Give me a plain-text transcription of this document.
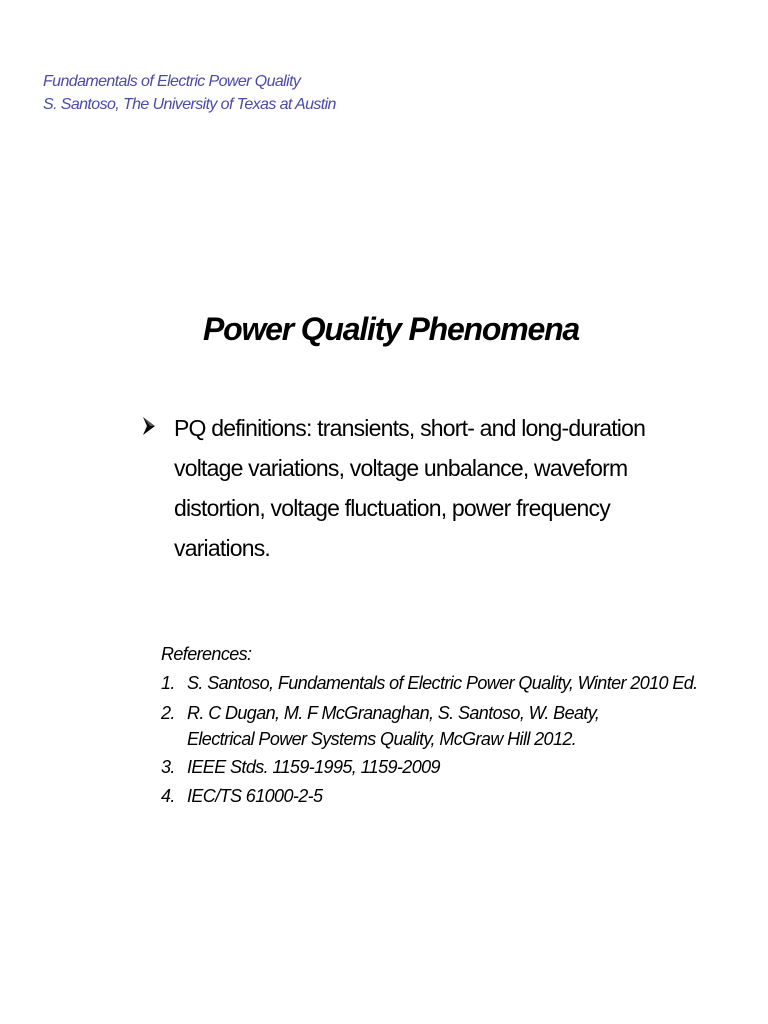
Fundamentals of Electric Power Quality
S. Santoso, The University of Texas at Austin
Power Quality Phenomena
PQ definitions: transients, short- and long-duration
voltage variations, voltage unbalance, waveform
distortion, voltage fluctuation, power frequency
variations.
References:
1. S. Santoso, Fundamentals of Electric Power Quality, Winter 2010 Ed.
2. R. C Dugan, M. F McGranaghan, S. Santoso, W. Beaty,
Electrical Power Systems Quality, McGraw Hill 2012.
3. IEEE Stds. 1159-1995, 1159-2009
4. IEC/TS 61000-2-5
